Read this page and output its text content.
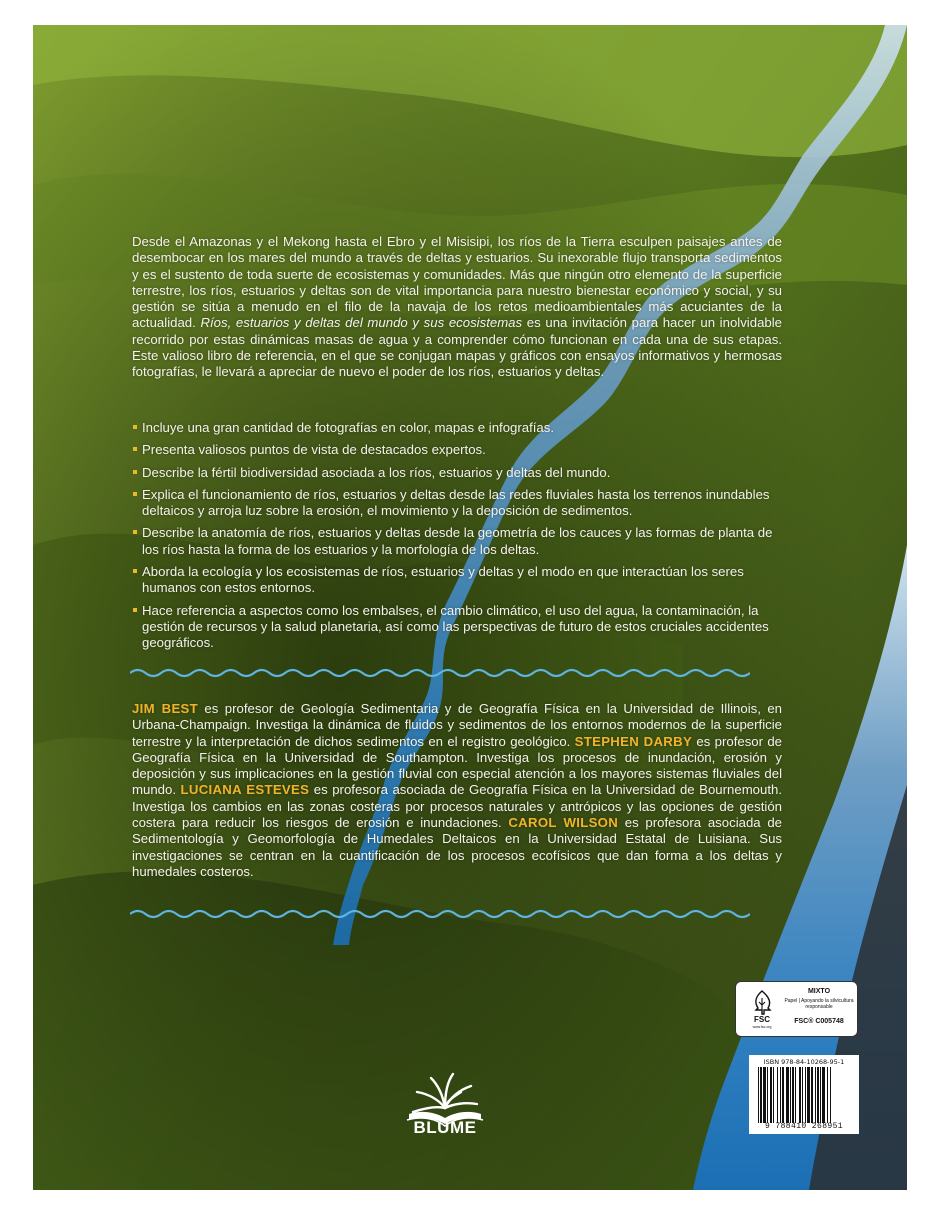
Desde el Amazonas y el Mekong hasta el Ebro y el Misisipi, los ríos de la Tierra esculpen paisajes antes de desembocar en los mares del mundo a través de deltas y estuarios. Su inexorable flujo transporta sedimentos y es el sustento de toda suerte de ecosistemas y comunidades. Más que ningún otro elemento de la superficie terrestre, los ríos, estuarios y deltas son de vital importancia para nuestro bienestar económico y social, y su gestión se sitúa a menudo en el filo de la navaja de los retos medioambientales más acuciantes de la actualidad. Ríos, estuarios y deltas del mundo y sus ecosistemas es una invitación para hacer un inolvidable recorrido por estas dinámicas masas de agua y a comprender cómo funcionan en cada una de sus etapas. Este valioso libro de referencia, en el que se conjugan mapas y gráficos con ensayos informativos y hermosas fotografías, le llevará a apreciar de nuevo el poder de los ríos, estuarios y deltas.
Incluye una gran cantidad de fotografías en color, mapas e infografías.
Presenta valiosos puntos de vista de destacados expertos.
Describe la fértil biodiversidad asociada a los ríos, estuarios y deltas del mundo.
Explica el funcionamiento de ríos, estuarios y deltas desde las redes fluviales hasta los terrenos inundables deltaicos y arroja luz sobre la erosión, el movimiento y la deposición de sedimentos.
Describe la anatomía de ríos, estuarios y deltas desde la geometría de los cauces y las formas de planta de los ríos hasta la forma de los estuarios y la morfología de los deltas.
Aborda la ecología y los ecosistemas de ríos, estuarios y deltas y el modo en que interactúan los seres humanos con estos entornos.
Hace referencia a aspectos como los embalses, el cambio climático, el uso del agua, la contaminación, la gestión de recursos y la salud planetaria, así como las perspectivas de futuro de estos cruciales accidentes geográficos.
JIM BEST es profesor de Geología Sedimentaria y de Geografía Física en la Universidad de Illinois, en Urbana-Champaign. Investiga la dinámica de fluidos y sedimentos de los entornos modernos de la superficie terrestre y la interpretación de dichos sedimentos en el registro geológico. STEPHEN DARBY es profesor de Geografía Física en la Universidad de Southampton. Investiga los procesos de inundación, erosión y deposición y sus implicaciones en la gestión fluvial con especial atención a los mayores sistemas fluviales del mundo. LUCIANA ESTEVES es profesora asociada de Geografía Física en la Universidad de Bournemouth. Investiga los cambios en las zonas costeras por procesos naturales y antrópicos y las opciones de gestión costera para reducir los riesgos de erosión e inundaciones. CAROL WILSON es profesora asociada de Sedimentología y Geomorfología de Humedales Deltaicos en la Universidad Estatal de Luisiana. Sus investigaciones se centran en la cuantificación de los procesos ecofísicos que dan forma a los deltas y humedales costeros.
FSC
www.fsc.org
MIXTO
Papel | Apoyando la silvicultura responsable
FSC® C005748
ISBN 978-84-10268-95-1
9 788410 268951
BLUME
